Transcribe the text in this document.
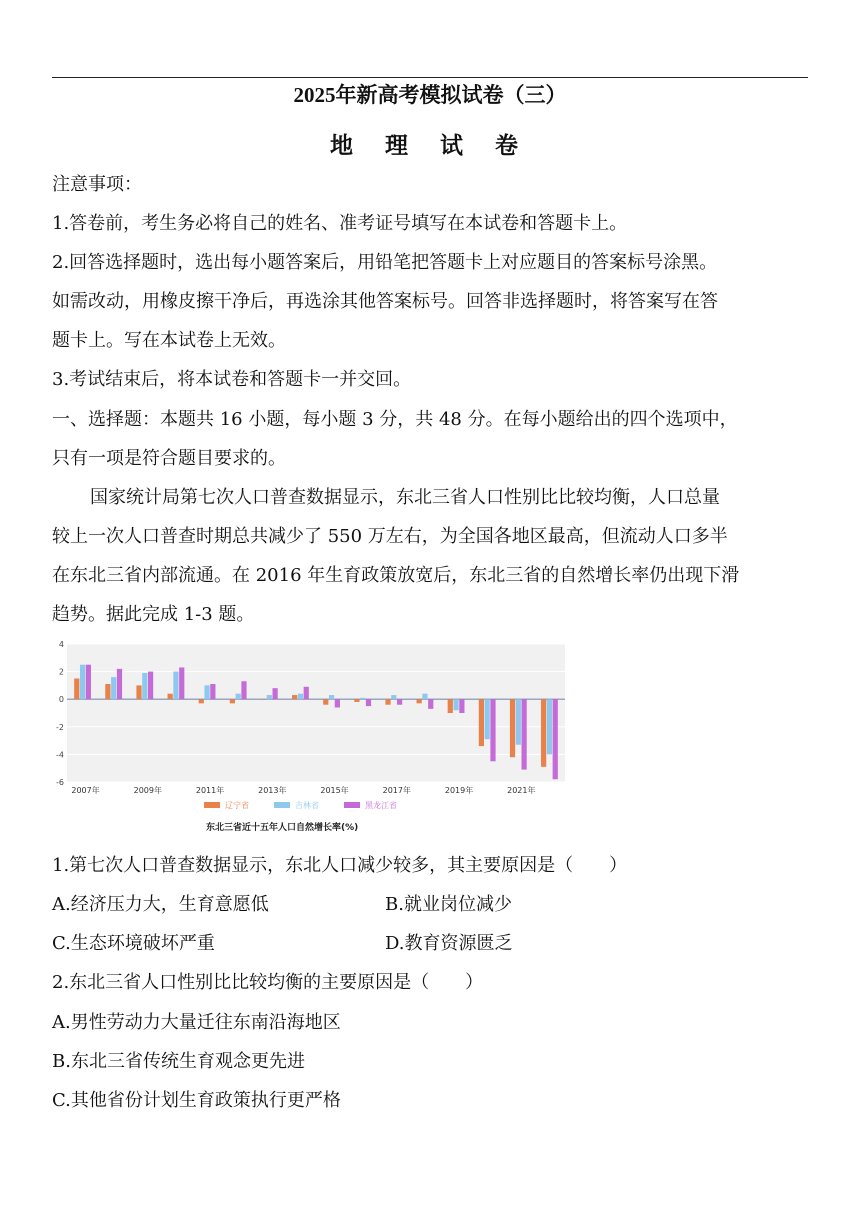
2025年新高考模拟试卷（三）
地 理 试 卷
注意事项：
1.答卷前，考生务必将自己的姓名、准考证号填写在本试卷和答题卡上。
2.回答选择题时，选出每小题答案后，用铅笔把答题卡上对应题目的答案标号涂黑。
如需改动，用橡皮擦干净后，再选涂其他答案标号。回答非选择题时，将答案写在答
题卡上。写在本试卷上无效。
3.考试结束后，将本试卷和答题卡一并交回。
一、选择题：本题共 16 小题，每小题 3 分，共 48 分。在每小题给出的四个选项中，
只有一项是符合题目要求的。
国家统计局第七次人口普查数据显示，东北三省人口性别比比较均衡，人口总量
较上一次人口普查时期总共减少了 550 万左右，为全国各地区最高，但流动人口多半
在东北三省内部流通。在 2016 年生育政策放宽后，东北三省的自然增长率仍出现下滑
趋势。据此完成 1-3 题。
4
2
0
-2
-4
-6
2007年	2009年	2011年	2013年	2015年	2017年	2019年	2021年
辽宁省	吉林省	黑龙江省
东北三省近十五年人口自然增长率(%)
1.第七次人口普查数据显示，东北人口减少较多，其主要原因是（　　）
A.经济压力大，生育意愿低	B.就业岗位减少
C.生态环境破坏严重	D.教育资源匮乏
2.东北三省人口性别比比较均衡的主要原因是（　　）
A.男性劳动力大量迁往东南沿海地区
B.东北三省传统生育观念更先进
C.其他省份计划生育政策执行更严格
